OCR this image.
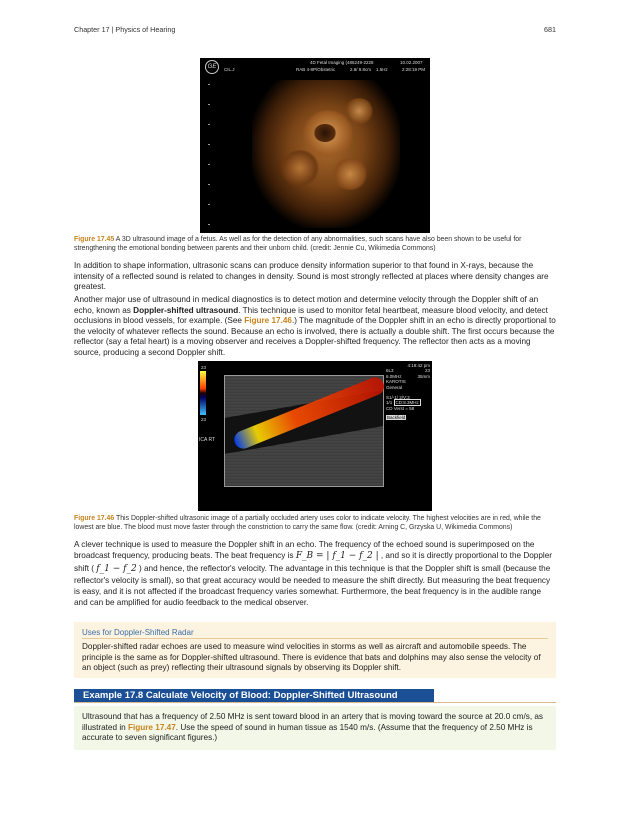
Chapter 17 | Physics of Hearing	681
GE
4D Fetal Imaging (486249-2228	10.02.2007
CIL.J	RAB 4-8P/Obstetric	2.8/ 9.8cm 1.5Hz	2:28:19 PM

Figure 17.45 A 3D ultrasound image of a fetus. As well as for the detection of any abnormalities, such scans have also been shown to be useful for strengthening the emotional bonding between parents and their unborn child. (credit: Jennie Cu, Wikimedia Commons)

In addition to shape information, ultrasonic scans can produce density information superior to that found in X-rays, because the intensity of a reflected sound is related to changes in density. Sound is most strongly reflected at places where density changes are greatest.

Another major use of ultrasound in medical diagnostics is to detect motion and determine velocity through the Doppler shift of an echo, known as Doppler-shifted ultrasound. This technique is used to monitor fetal heartbeat, measure blood velocity, and detect occlusions in blood vessels, for example. (See Figure 17.46.) The magnitude of the Doppler shift in an echo is directly proportional to the velocity of whatever reflects the sound. Because an echo is involved, there is actually a double shift. The first occurs because the reflector (say a fetal heart) is a moving observer and receives a Doppler-shifted frequency. The reflector then acts as a moving source, producing a second Doppler shift.

23
23
ICA RT
4:18:42 pm
6L3	23
6.0MHz	35mm
KAROTIS
General
S1/-1/ 2/V:3
1/1 CD:8.3MHz
CD Verst = 58
Backfield

Figure 17.46 This Doppler-shifted ultrasonic image of a partially occluded artery uses color to indicate velocity. The highest velocities are in red, while the lowest are blue. The blood must move faster through the constriction to carry the same flow. (credit: Arning C, Grzyska U, Wikimedia Commons)

A clever technique is used to measure the Doppler shift in an echo. The frequency of the echoed sound is superimposed on the broadcast frequency, producing beats. The beat frequency is F_B = | f_1 − f_2 | , and so it is directly proportional to the Doppler shift ( f_1 − f_2 ) and hence, the reflector's velocity. The advantage in this technique is that the Doppler shift is small (because the reflector's velocity is small), so that great accuracy would be needed to measure the shift directly. But measuring the beat frequency is easy, and it is not affected if the broadcast frequency varies somewhat. Furthermore, the beat frequency is in the audible range and can be amplified for audio feedback to the medical observer.

Uses for Doppler-Shifted Radar

Doppler-shifted radar echoes are used to measure wind velocities in storms as well as aircraft and automobile speeds. The principle is the same as for Doppler-shifted ultrasound. There is evidence that bats and dolphins may also sense the velocity of an object (such as prey) reflecting their ultrasound signals by observing its Doppler shift.

Example 17.8 Calculate Velocity of Blood: Doppler-Shifted Ultrasound

Ultrasound that has a frequency of 2.50 MHz is sent toward blood in an artery that is moving toward the source at 20.0 cm/s, as illustrated in Figure 17.47. Use the speed of sound in human tissue as 1540 m/s. (Assume that the frequency of 2.50 MHz is accurate to seven significant figures.)
